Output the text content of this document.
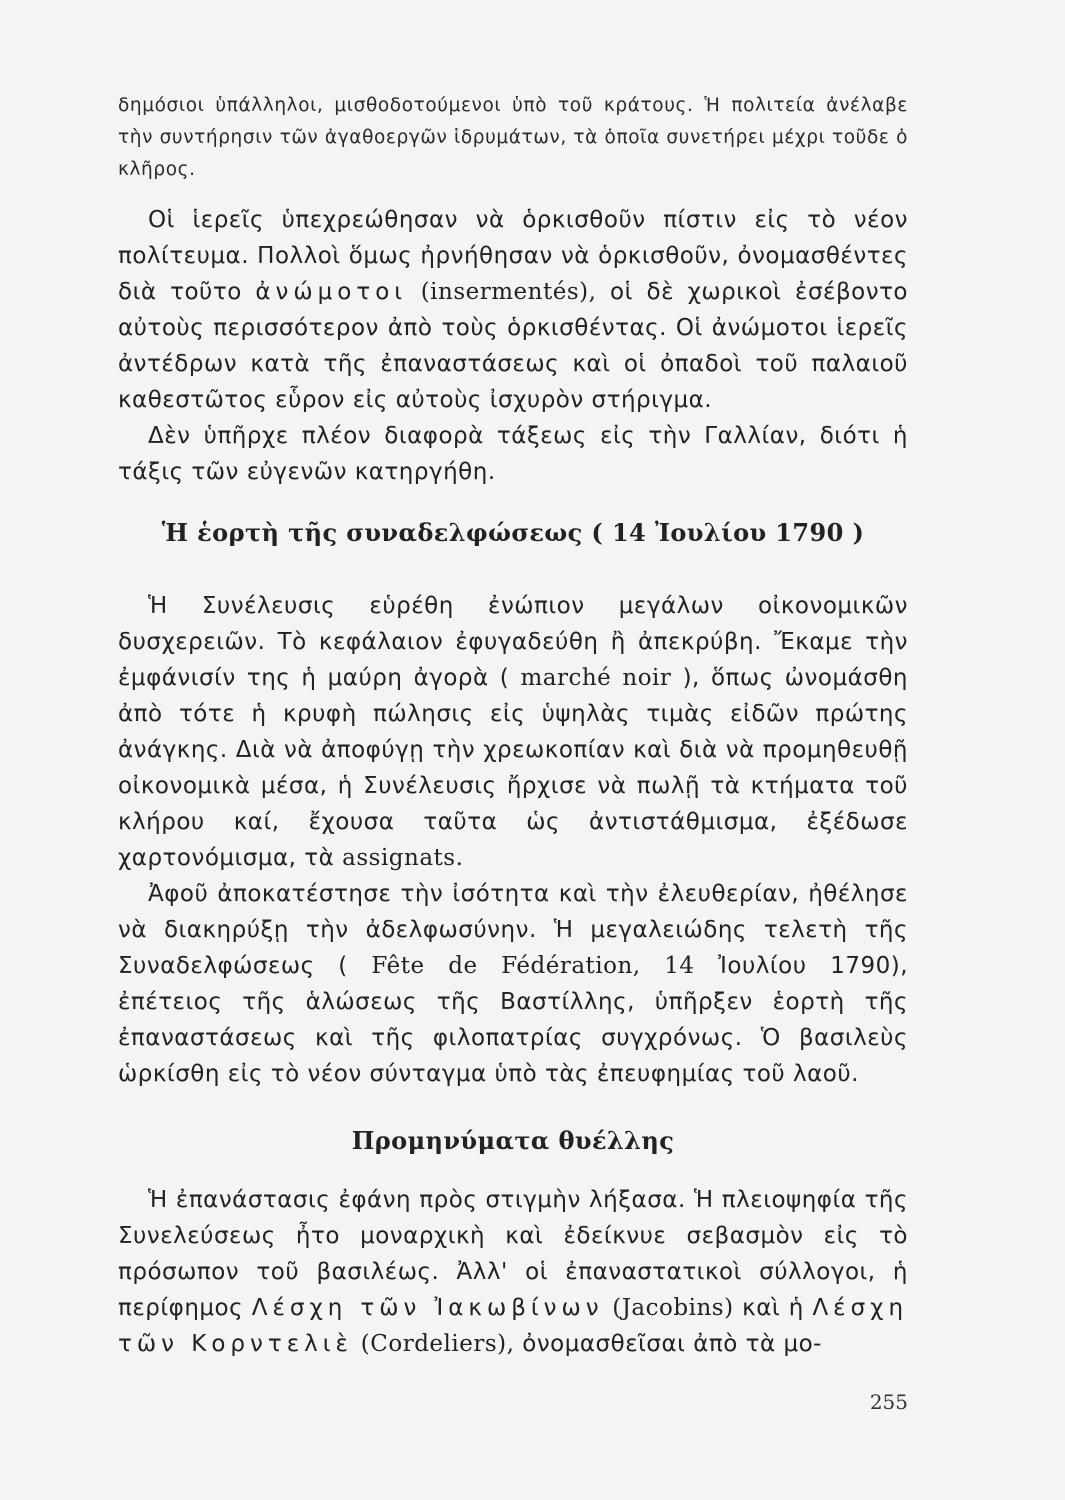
δημόσιοι ὑπάλληλοι, μισθοδοτούμενοι ὑπὸ τοῦ κράτους. Ἡ πολιτεία ἀνέλαβε τὴν συντήρησιν τῶν ἀγαθοεργῶν ἱδρυμάτων, τὰ ὁποῖα συνετήρει μέχρι τοῦδε ὁ κλῆρος.

Οἱ ἱερεῖς ὑπεχρεώθησαν νὰ ὁρκισθοῦν πίστιν εἰς τὸ νέον πολίτευμα. Πολλοὶ ὅμως ἠρνήθησαν νὰ ὁρκισθοῦν, ὀνομασθέντες διὰ τοῦτο ἀνώμοτοι (insermentés), οἱ δὲ χωρικοὶ ἐσέβοντο αὐτοὺς περισσότερον ἀπὸ τοὺς ὁρκισθέντας. Οἱ ἀνώμοτοι ἱερεῖς ἀντέδρων κατὰ τῆς ἐπαναστάσεως καὶ οἱ ὀπαδοὶ τοῦ παλαιοῦ καθεστῶτος εὗρον εἰς αὐτοὺς ἰσχυρὸν στήριγμα.

Δὲν ὑπῆρχε πλέον διαφορὰ τάξεως εἰς τὴν Γαλλίαν, διότι ἡ τάξις τῶν εὐγενῶν κατηργήθη.

Ἡ ἑορτὴ τῆς συναδελφώσεως ( 14 Ἰουλίου 1790 )

Ἡ Συνέλευσις εὑρέθη ἐνώπιον μεγάλων οἰκονομικῶν δυσχερειῶν. Τὸ κεφάλαιον ἐφυγαδεύθη ἢ ἀπεκρύβη. Ἔκαμε τὴν ἐμφάνισίν της ἡ μαύρη ἀγορὰ ( marché noir ), ὅπως ὠνομάσθη ἀπὸ τότε ἡ κρυφὴ πώλησις εἰς ὑψηλὰς τιμὰς εἰδῶν πρώτης ἀνάγκης. Διὰ νὰ ἀποφύγῃ τὴν χρεωκοπίαν καὶ διὰ νὰ προμηθευθῇ οἰκονομικὰ μέσα, ἡ Συνέλευσις ἤρχισε νὰ πωλῇ τὰ κτήματα τοῦ κλήρου καί, ἔχουσα ταῦτα ὡς ἀντιστάθμισμα, ἐξέδωσε χαρτονόμισμα, τὰ assignats.

Ἀφοῦ ἀποκατέστησε τὴν ἰσότητα καὶ τὴν ἐλευθερίαν, ἠθέλησε νὰ διακηρύξῃ τὴν ἀδελφωσύνην. Ἡ μεγαλειώδης τελετὴ τῆς Συναδελφώσεως ( Fête de Fédération, 14 Ἰουλίου 1790), ἐπέτειος τῆς ἁλώσεως τῆς Βαστίλλης, ὑπῆρξεν ἑορτὴ τῆς ἐπαναστάσεως καὶ τῆς φιλοπατρίας συγχρόνως. Ὁ βασιλεὺς ὡρκίσθη εἰς τὸ νέον σύνταγμα ὑπὸ τὰς ἐπευφημίας τοῦ λαοῦ.

Προμηνύματα θυέλλης

Ἡ ἐπανάστασις ἐφάνη πρὸς στιγμὴν λήξασα. Ἡ πλειοψηφία τῆς Συνελεύσεως ἦτο μοναρχικὴ καὶ ἐδείκνυε σεβασμὸν εἰς τὸ πρόσωπον τοῦ βασιλέως. Ἀλλ' οἱ ἐπαναστατικοὶ σύλλογοι, ἡ περίφημος Λέσχη τῶν Ἰακωβίνων (Jacobins) καὶ ἡ Λέσχη τῶν Κορντελιὲ (Cordeliers), ὀνομασθεῖσαι ἀπὸ τὰ μο-

255
